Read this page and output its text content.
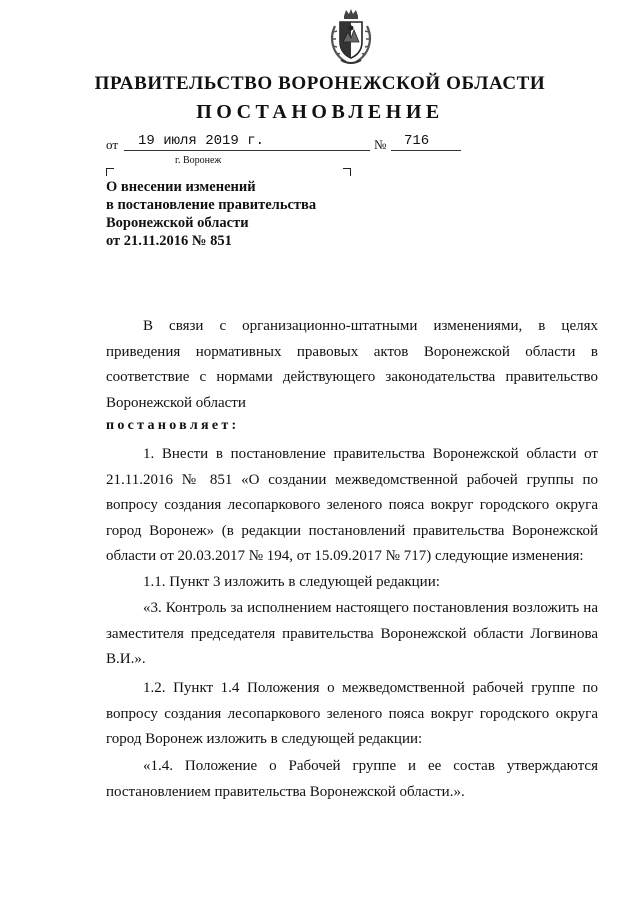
ПРАВИТЕЛЬСТВО ВОРОНЕЖСКОЙ ОБЛАСТИ
ПОСТАНОВЛЕНИЕ
от	19 июля 2019 г.	№ 716
г. Воронеж
О внесении изменений
в постановление правительства
Воронежской области
от 21.11.2016 № 851
В связи с организационно-штатными изменениями, в целях приведения нормативных правовых актов Воронежской области в соответствие с нормами действующего законодательства правительство Воронежской области
постановляет:
1. Внести в постановление правительства Воронежской области от 21.11.2016 № 851 «О создании межведомственной рабочей группы по вопросу создания лесопаркового зеленого пояса вокруг городского округа город Воронеж» (в редакции постановлений правительства Воронежской области от 20.03.2017 № 194, от 15.09.2017 № 717) следующие изменения:
1.1. Пункт 3 изложить в следующей редакции:
«3. Контроль за исполнением настоящего постановления возложить на заместителя председателя правительства Воронежской области Логвинова В.И.».
1.2. Пункт 1.4 Положения о межведомственной рабочей группе по вопросу создания лесопаркового зеленого пояса вокруг городского округа город Воронеж изложить в следующей редакции:
«1.4. Положение о Рабочей группе и ее состав утверждаются постановлением правительства Воронежской области.».
